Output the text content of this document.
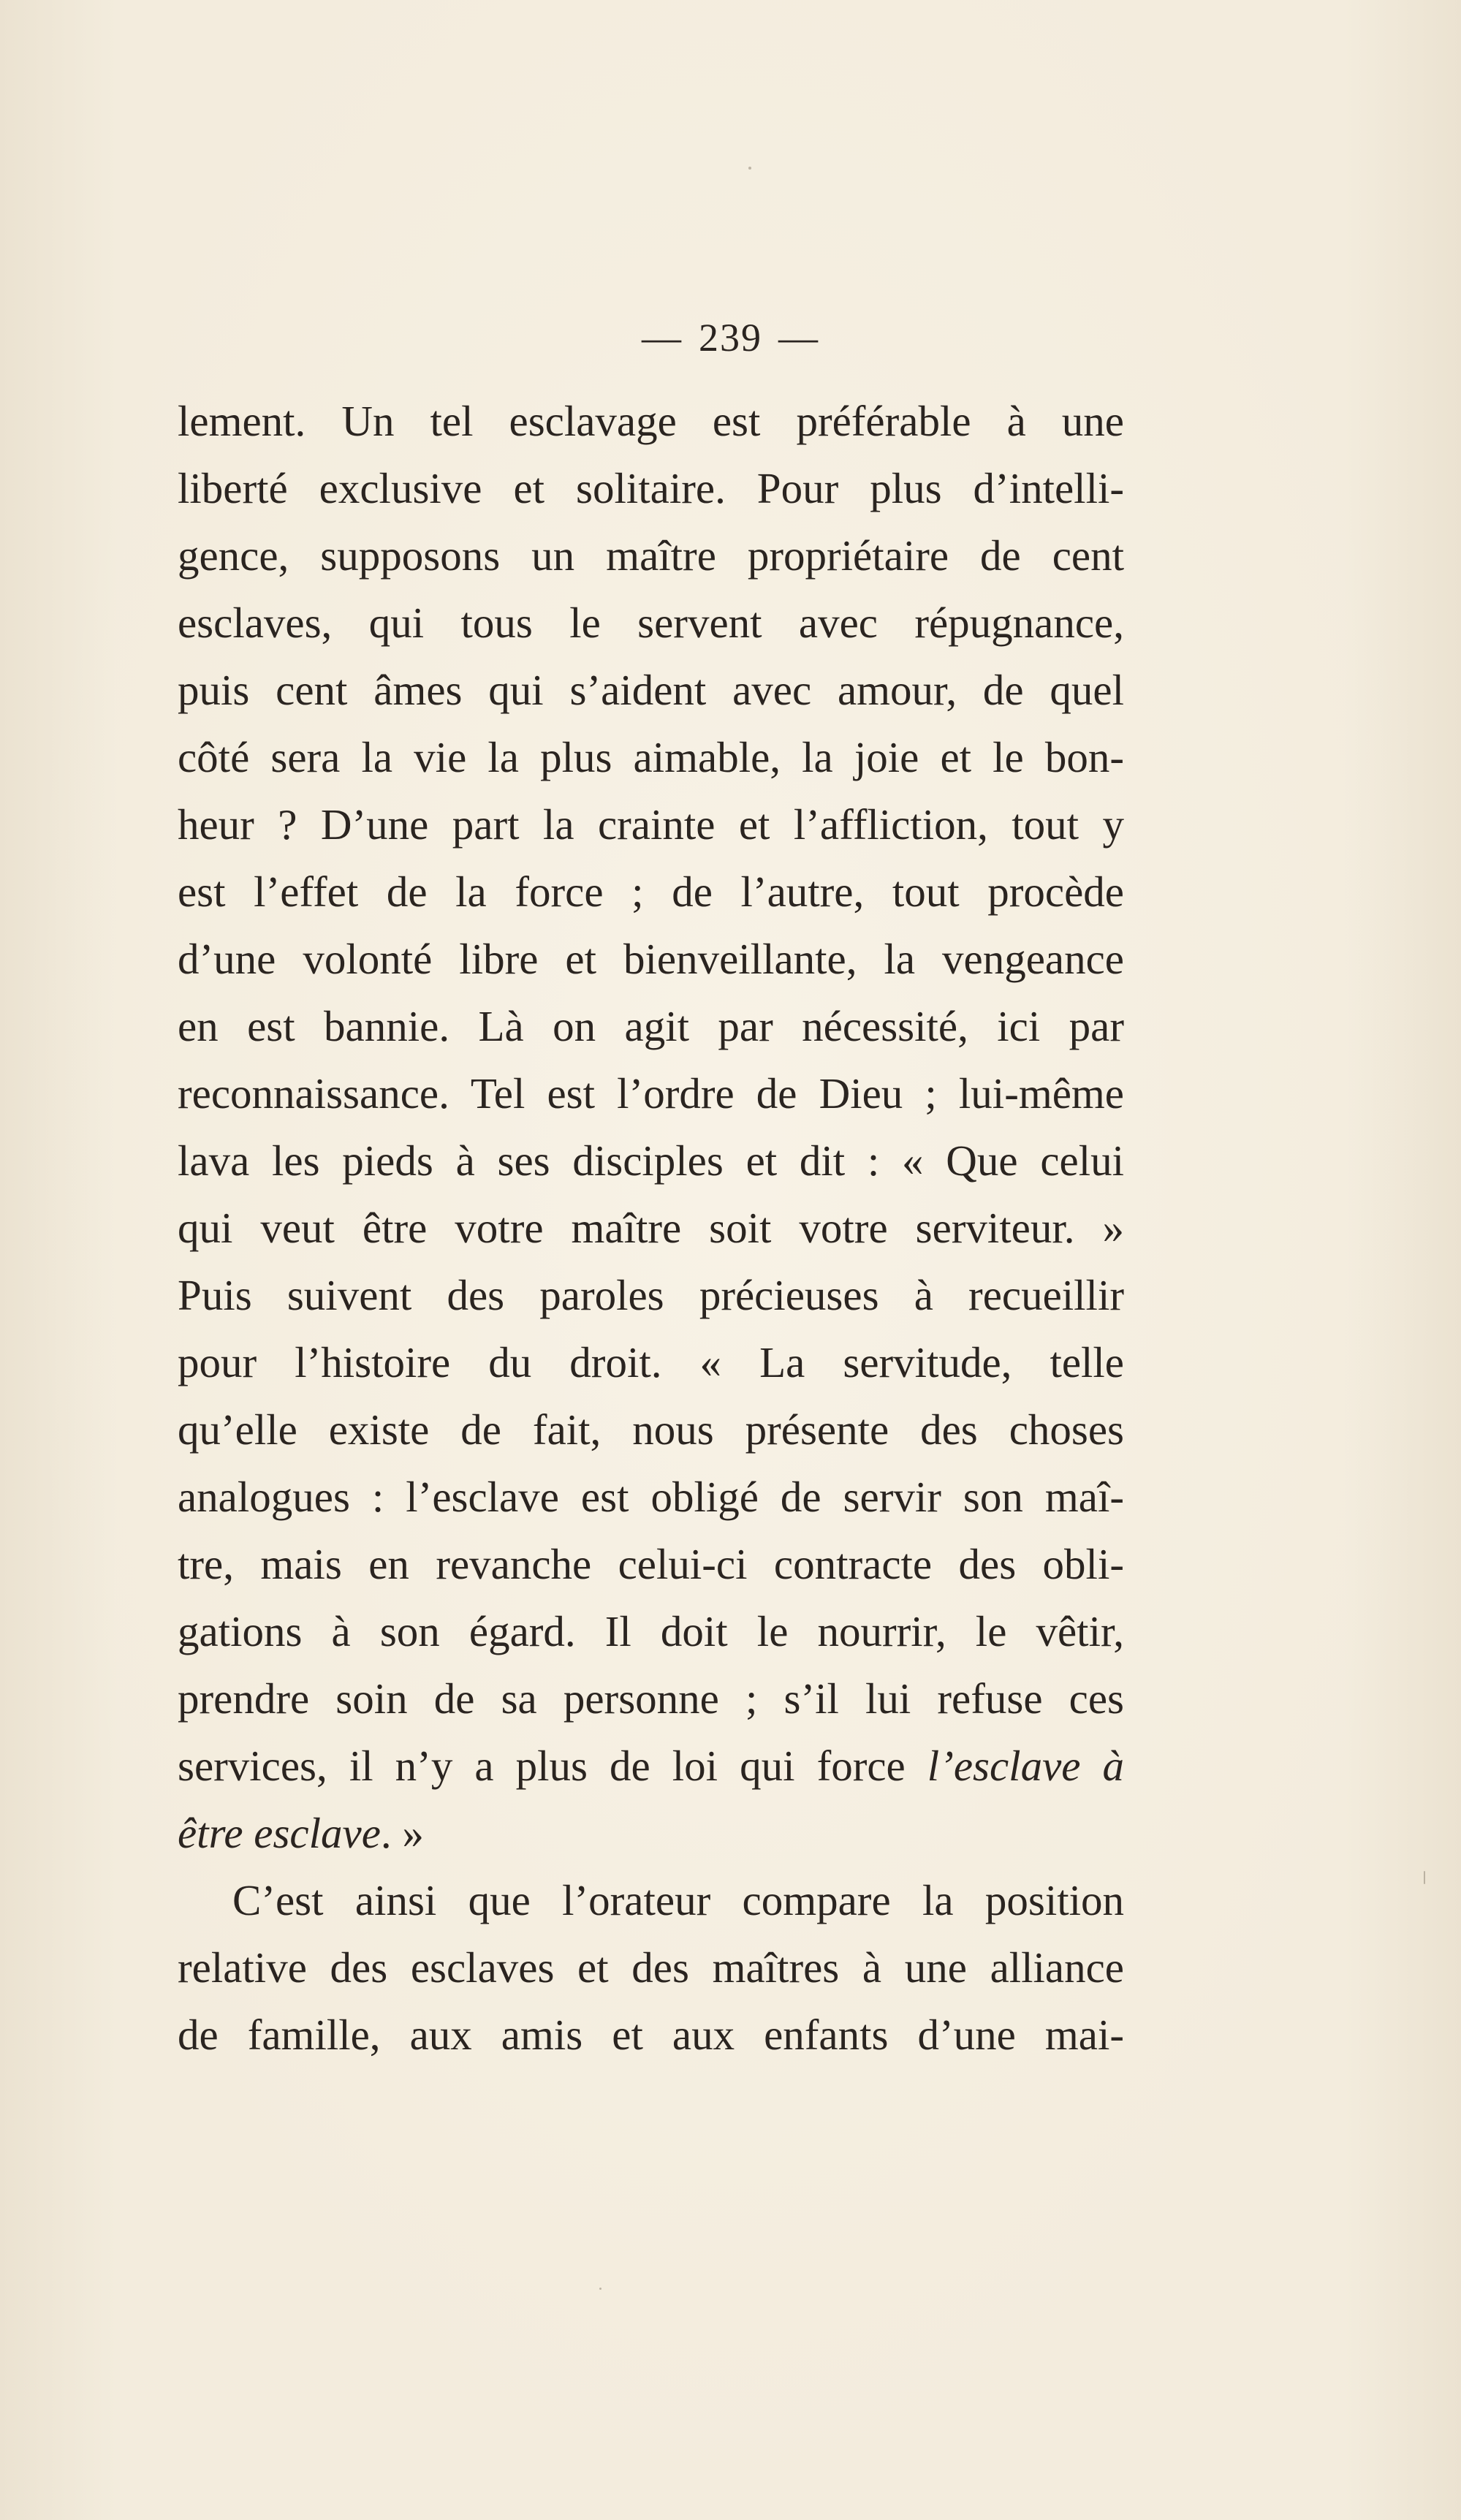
— 239 —
lement. Un tel esclavage est préférable à une
liberté exclusive et solitaire. Pour plus d’intelli-
gence, supposons un maître propriétaire de cent
esclaves, qui tous le servent avec répugnance,
puis cent âmes qui s’aident avec amour, de quel
côté sera la vie la plus aimable, la joie et le bon-
heur ? D’une part la crainte et l’affliction, tout y
est l’effet de la force ; de l’autre, tout procède
d’une volonté libre et bienveillante, la vengeance
en est bannie. Là on agit par nécessité, ici par
reconnaissance. Tel est l’ordre de Dieu ; lui-même
lava les pieds à ses disciples et dit : « Que celui
qui veut être votre maître soit votre serviteur. »
Puis suivent des paroles précieuses à recueillir
pour l’histoire du droit. « La servitude, telle
qu’elle existe de fait, nous présente des choses
analogues : l’esclave est obligé de servir son maî-
tre, mais en revanche celui-ci contracte des obli-
gations à son égard. Il doit le nourrir, le vêtir,
prendre soin de sa personne ; s’il lui refuse ces
services, il n’y a plus de loi qui force l’esclave à
être esclave. »
C’est ainsi que l’orateur compare la position
relative des esclaves et des maîtres à une alliance
de famille, aux amis et aux enfants d’une mai-
